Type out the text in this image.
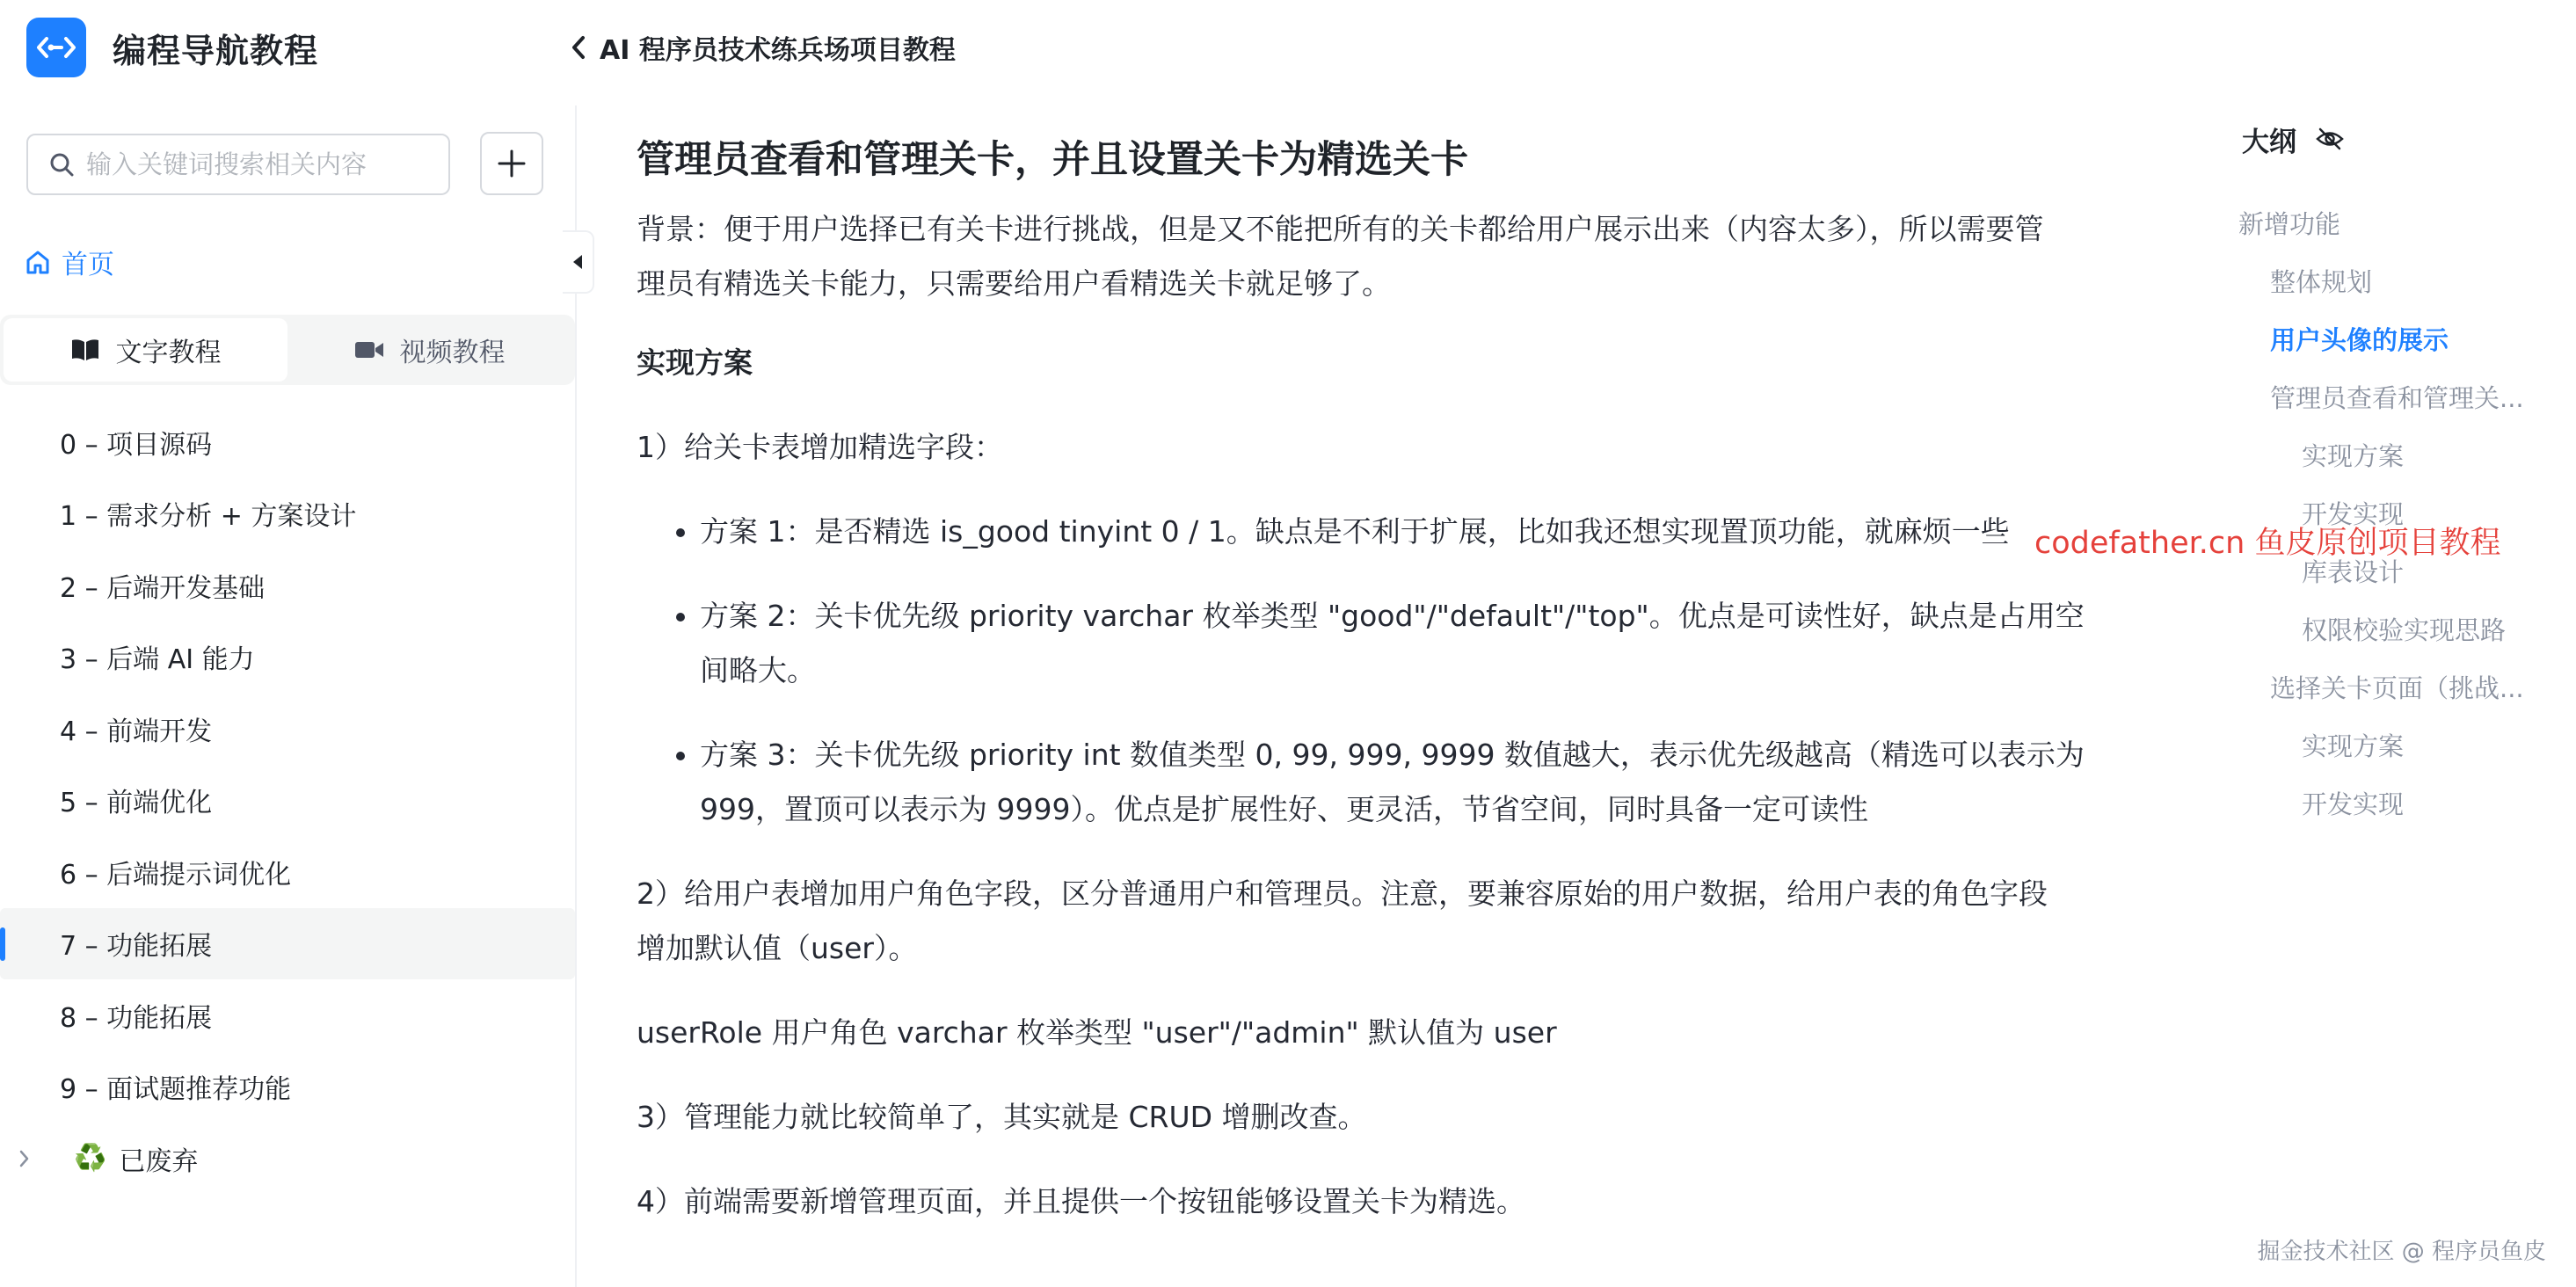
编程导航教程	AI 程序员技术练兵场项目教程
输入关键词搜索相关内容
首页
文字教程	视频教程
0 – 项目源码
1 – 需求分析 + 方案设计
2 – 后端开发基础
3 – 后端 AI 能力
4 – 前端开发
5 – 前端优化
6 – 后端提示词优化
7 – 功能拓展
8 – 功能拓展
9 – 面试题推荐功能
♻️ 已废弃
管理员查看和管理关卡，并且设置关卡为精选关卡

背景：便于用户选择已有关卡进行挑战，但是又不能把所有的关卡都给用户展示出来（内容太多），所以需要管
理员有精选关卡能力，只需要给用户看精选关卡就足够了。

实现方案

1）给关卡表增加精选字段：

• 方案 1：是否精选 is_good tinyint 0 / 1。缺点是不利于扩展，比如我还想实现置顶功能，就麻烦一些
• 方案 2：关卡优先级 priority varchar 枚举类型 "good"/"default"/"top"。优点是可读性好，缺点是占用空
间略大。
• 方案 3：关卡优先级 priority int 数值类型 0, 99, 999, 9999 数值越大，表示优先级越高（精选可以表示为
999，置顶可以表示为 9999）。优点是扩展性好、更灵活，节省空间，同时具备一定可读性

2）给用户表增加用户角色字段，区分普通用户和管理员。注意，要兼容原始的用户数据，给用户表的角色字段
增加默认值（user）。

userRole 用户角色 varchar 枚举类型 "user"/"admin" 默认值为 user

3）管理能力就比较简单了，其实就是 CRUD 增删改查。

4）前端需要新增管理页面，并且提供一个按钮能够设置关卡为精选。

codefather.cn 鱼皮原创项目教程
大纲
新增功能
整体规划
用户头像的展示
管理员查看和管理关...
实现方案
开发实现
库表设计
权限校验实现思路
选择关卡页面（挑战...
实现方案
开发实现
掘金技术社区 @ 程序员鱼皮
